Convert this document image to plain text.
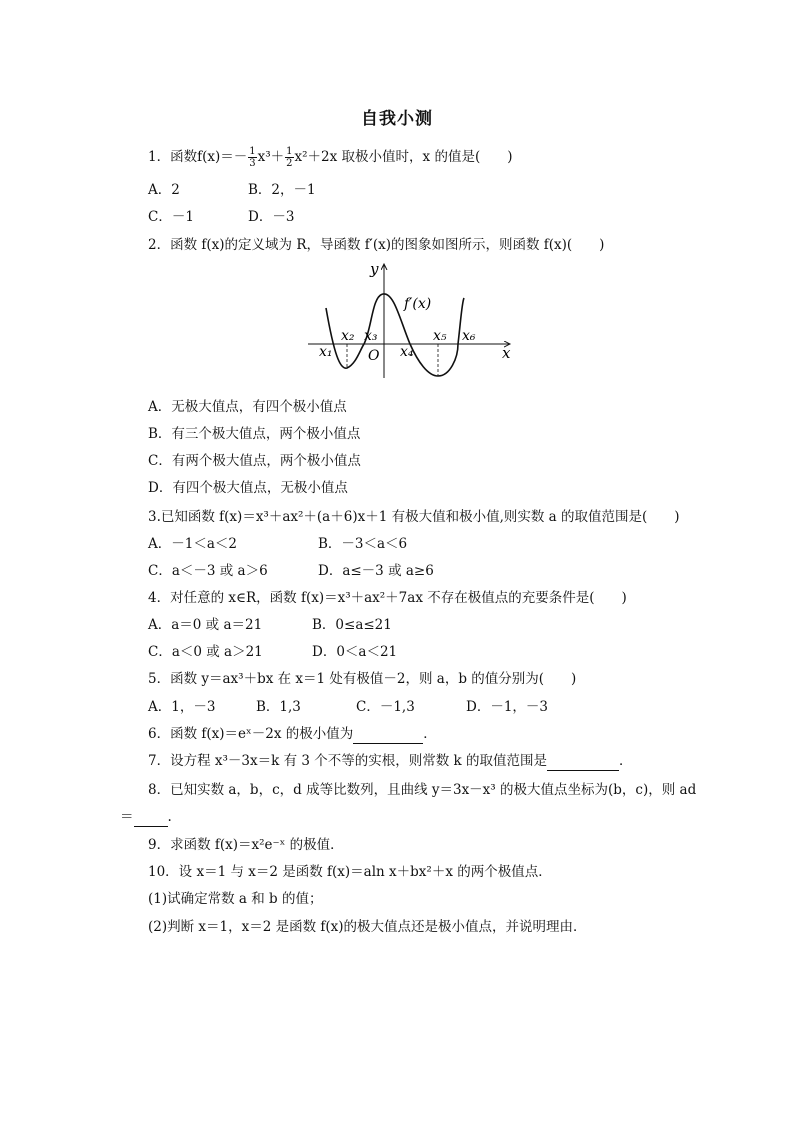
自我小测
1．函数$f(x)=- \frac{1}{3} x^3+ \frac{1}{2} x^2+2x$ 取极小值时，x 的值是(　　)
A．2	B．2，－1
C．－1	D．－3
2．函数 f(x)的定义域为 R，导函数 f′(x)的图象如图所示，则函数 f(x)(　　)
y
x
O
f′(x)
x₁
x₂ x₃
x₄
x₅ x₆
A．无极大值点，有四个极小值点
B．有三个极大值点，两个极小值点
C．有两个极大值点，两个极小值点
D．有四个极大值点，无极小值点
3.已知函数 f(x)＝x³＋ax²＋(a＋6)x＋1 有极大值和极小值,则实数 a 的取值范围是(　　)
A．－1＜a＜2	B．－3＜a＜6
C．a＜－3 或 a＞6	D．a≤－3 或 a≥6
4．对任意的 x∈R，函数 f(x)＝x³＋ax²＋7ax 不存在极值点的充要条件是(　　)
A．a＝0 或 a＝21	B．0≤a≤21
C．a＜0 或 a＞21	D．0＜a＜21
5．函数 y＝ax³＋bx 在 x＝1 处有极值－2，则 a，b 的值分别为(　　)
A．1，－3	B．1,3	C．－1,3	D．－1，－3
6．函数 f(x)＝eˣ－2x 的极小值为	．
7．设方程 x³－3x＝k 有 3 个不等的实根，则常数 k 的取值范围是	．
8．已知实数 a，b，c，d 成等比数列，且曲线 y＝3x－x³ 的极大值点坐标为(b，c)，则 ad
＝	.
9．求函数 f(x)＝x²e⁻ˣ 的极值．
10．设 x＝1 与 x＝2 是函数 f(x)＝aln x＋bx²＋x 的两个极值点．
(1)试确定常数 a 和 b 的值；
(2)判断 x＝1，x＝2 是函数 f(x)的极大值点还是极小值点，并说明理由．
